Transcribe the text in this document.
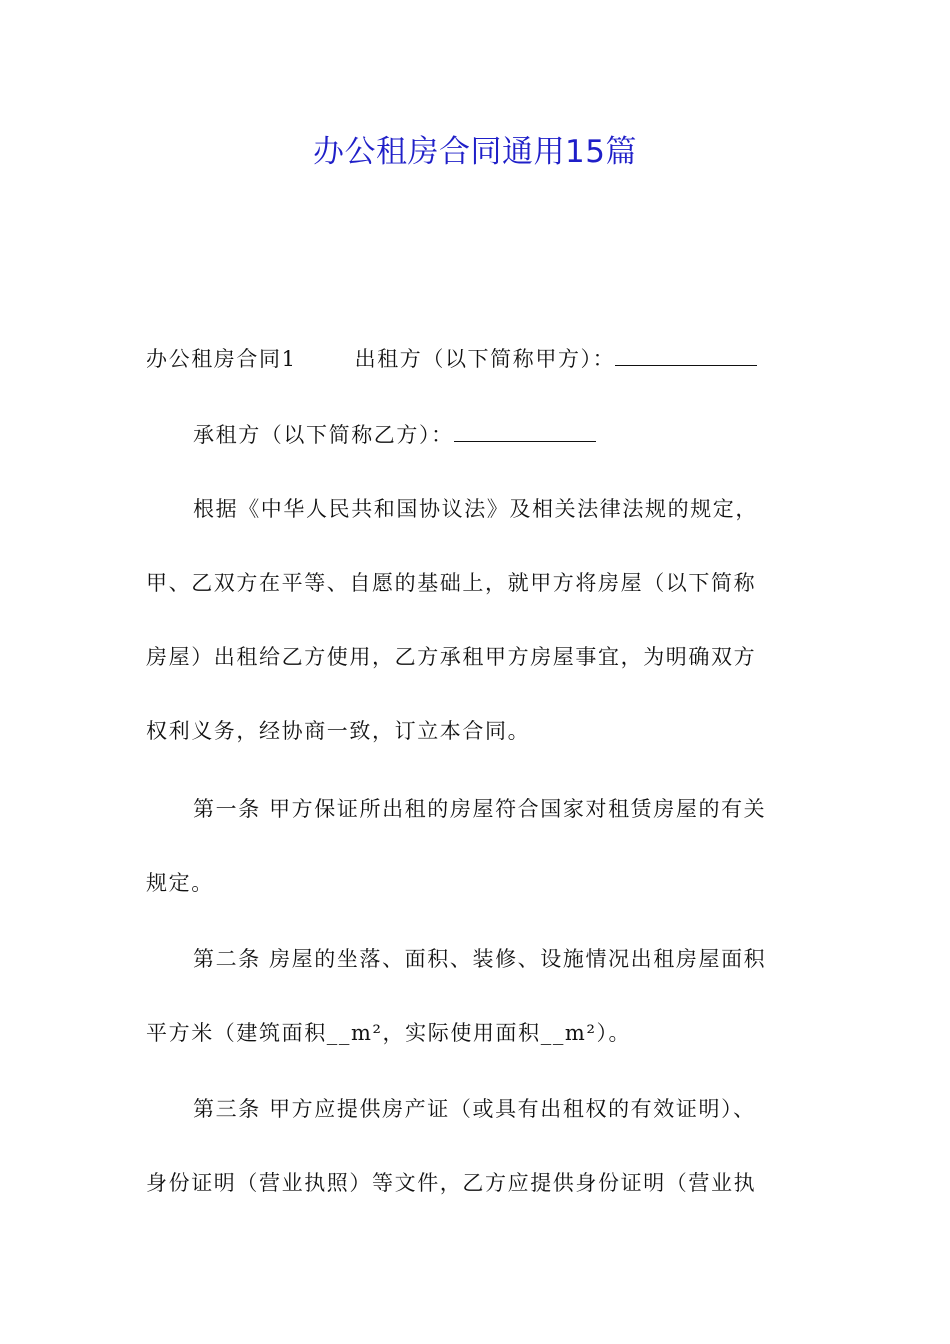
办公租房合同通用15篇
办公租房合同1	出租方（以下简称甲方）：
承租方（以下简称乙方）：
根据《中华人民共和国协议法》及相关法律法规的规定，
甲、乙双方在平等、自愿的基础上，就甲方将房屋（以下简称
房屋）出租给乙方使用，乙方承租甲方房屋事宜，为明确双方
权利义务，经协商一致，订立本合同。
第一条 甲方保证所出租的房屋符合国家对租赁房屋的有关
规定。
第二条 房屋的坐落、面积、装修、设施情况出租房屋面积
平方米（建筑面积__m²，实际使用面积__m²）。
第三条 甲方应提供房产证（或具有出租权的有效证明）、
身份证明（营业执照）等文件，乙方应提供身份证明（营业执
